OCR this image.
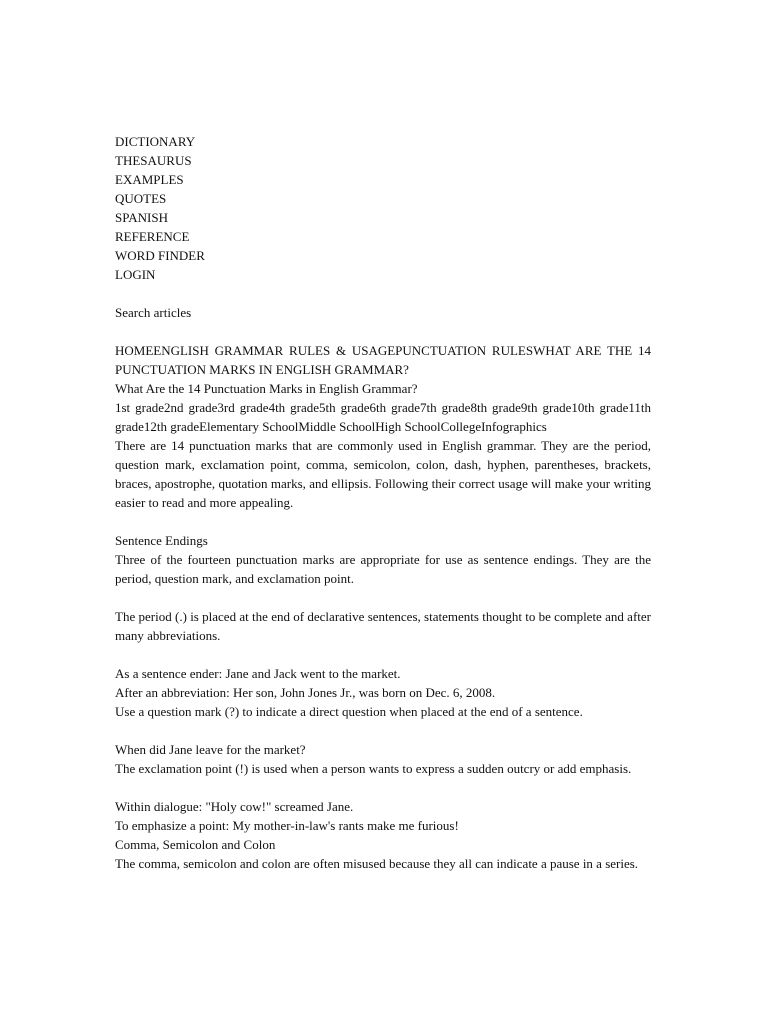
DICTIONARY
THESAURUS
EXAMPLES
QUOTES
SPANISH
REFERENCE
WORD FINDER
LOGIN
Search articles
HOMEENGLISH GRAMMAR RULES & USAGEPUNCTUATION RULESWHAT ARE THE 14 PUNCTUATION MARKS IN ENGLISH GRAMMAR?
What Are the 14 Punctuation Marks in English Grammar?
1st grade2nd grade3rd grade4th grade5th grade6th grade7th grade8th grade9th grade10th grade11th grade12th gradeElementary SchoolMiddle SchoolHigh SchoolCollegeInfographics
There are 14 punctuation marks that are commonly used in English grammar. They are the period, question mark, exclamation point, comma, semicolon, colon, dash, hyphen, parentheses, brackets, braces, apostrophe, quotation marks, and ellipsis. Following their correct usage will make your writing easier to read and more appealing.
Sentence Endings
Three of the fourteen punctuation marks are appropriate for use as sentence endings. They are the period, question mark, and exclamation point.
The period (.) is placed at the end of declarative sentences, statements thought to be complete and after many abbreviations.
As a sentence ender: Jane and Jack went to the market.
After an abbreviation: Her son, John Jones Jr., was born on Dec. 6, 2008.
Use a question mark (?) to indicate a direct question when placed at the end of a sentence.
When did Jane leave for the market?
The exclamation point (!) is used when a person wants to express a sudden outcry or add emphasis.
Within dialogue: "Holy cow!" screamed Jane.
To emphasize a point: My mother-in-law's rants make me furious!
Comma, Semicolon and Colon
The comma, semicolon and colon are often misused because they all can indicate a pause in a series.
